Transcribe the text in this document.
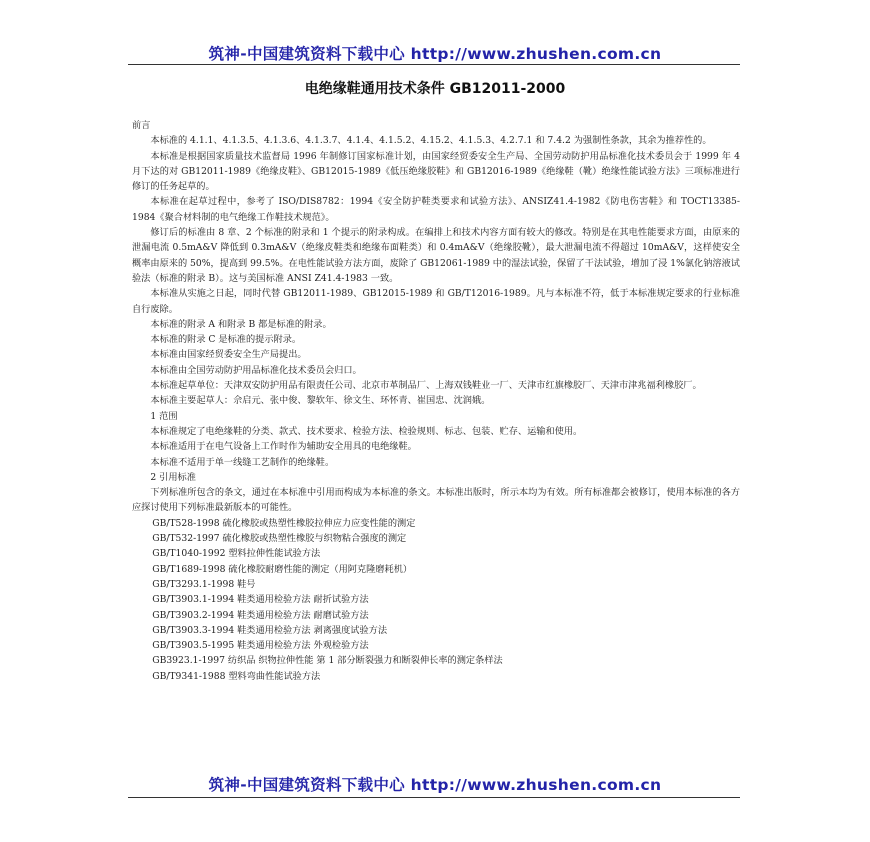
筑神-中国建筑资料下载中心 http://www.zhushen.com.cn
电绝缘鞋通用技术条件 GB12011-2000

前言

本标准的 4.1.1、4.1.3.5、4.1.3.6、4.1.3.7、4.1.4、4.1.5.2、4.15.2、4.1.5.3、4.2.7.1 和 7.4.2 为强制性条款，其余为推荐性的。

本标准是根据国家质量技术监督局 1996 年制修订国家标准计划，由国家经贸委安全生产局、全国劳动防护用品标准化技术委员会于 1999 年 4 月下达的对 GB12011-1989《绝缘皮鞋》、GB12015-1989《低压绝缘胶鞋》和 GB12016-1989《绝缘鞋（靴）绝缘性能试验方法》三项标准进行修订的任务起草的。

本标准在起草过程中，参考了 ISO/DIS8782：1994《安全防护鞋类要求和试验方法》、ANSIZ41.4-1982《防电伤害鞋》和 TOCT13385-1984《聚合材料制的电气绝缘工作鞋技术规范》。

修订后的标准由 8 章、2 个标准的附录和 1 个提示的附录构成。在编排上和技术内容方面有较大的修改。特别是在其电性能要求方面，由原来的泄漏电流 0.5mA&V 降低到 0.3mA&V（绝缘皮鞋类和绝缘布面鞋类）和 0.4mA&V（绝缘胶靴），最大泄漏电流不得超过 10mA&V，这样使安全概率由原来的 50%，提高到 99.5%。在电性能试验方法方面，废除了 GB12061-1989 中的湿法试验，保留了干法试验，增加了浸 1%氯化钠溶液试验法（标准的附录 B）。这与美国标准 ANSI Z41.4-1983 一致。

本标准从实施之日起，同时代替 GB12011-1989、GB12015-1989 和 GB/T12016-1989。凡与本标准不符，低于本标准规定要求的行业标准自行废除。

本标准的附录 A 和附录 B 都是标准的附录。

本标准的附录 C 是标准的提示附录。

本标准由国家经贸委安全生产局提出。

本标准由全国劳动防护用品标准化技术委员会归口。

本标准起草单位：天津双安防护用品有限责任公司、北京市革制品厂、上海双钱鞋业一厂、天津市红旗橡胶厂、天津市津兆福利橡胶厂。

本标准主要起草人：佘启元、张中俊、黎软年、徐文生、环怀青、崔国忠、沈润娥。

1 范围

本标准规定了电绝缘鞋的分类、款式、技术要求、检验方法、检验规则、标志、包装、贮存、运输和使用。

本标准适用于在电气设备上工作时作为辅助安全用具的电绝缘鞋。

本标准不适用于单一线缝工艺制作的绝缘鞋。

2 引用标准

下列标准所包含的条文，通过在本标准中引用而构成为本标准的条文。本标准出版时，所示本均为有效。所有标准都会被修订，使用本标准的各方应探讨使用下列标准最新版本的可能性。

GB/T528-1998 硫化橡胶或热塑性橡胶拉伸应力应变性能的测定

GB/T532-1997 硫化橡胶或热塑性橡胶与织物粘合强度的测定

GB/T1040-1992 塑料拉伸性能试验方法

GB/T1689-1998 硫化橡胶耐磨性能的测定（用阿克隆磨耗机）

GB/T3293.1-1998 鞋号

GB/T3903.1-1994 鞋类通用检验方法 耐折试验方法

GB/T3903.2-1994 鞋类通用检验方法 耐磨试验方法

GB/T3903.3-1994 鞋类通用检验方法 剥离强度试验方法

GB/T3903.5-1995 鞋类通用检验方法 外观检验方法

GB3923.1-1997 纺织品 织物拉伸性能 第 1 部分断裂强力和断裂伸长率的测定条样法

GB/T9341-1988 塑料弯曲性能试验方法

筑神-中国建筑资料下载中心 http://www.zhushen.com.cn
